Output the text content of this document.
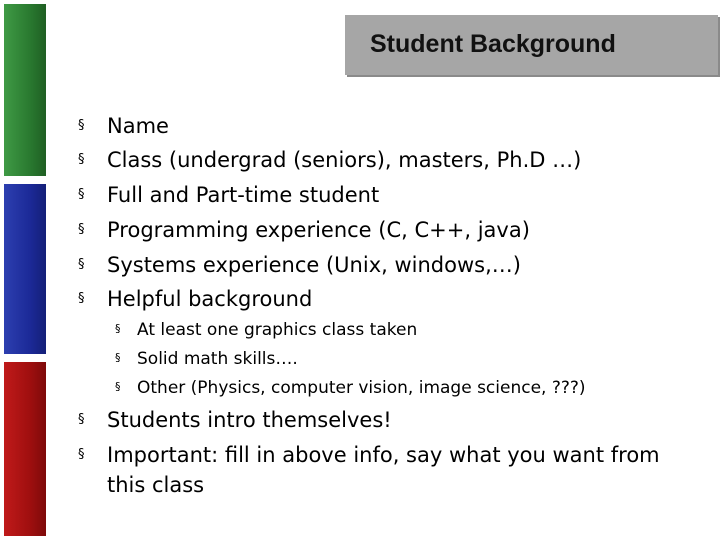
Student Background
§ Name
§ Class (undergrad (seniors), masters, Ph.D …)
§ Full and Part-time student
§ Programming experience (C, C++, java)
§ Systems experience (Unix, windows,…)
§ Helpful background
§ At least one graphics class taken
§ Solid math skills….
§ Other (Physics, computer vision, image science, ???)
§ Students intro themselves!
§ Important: fill in above info, say what you want from
this class
